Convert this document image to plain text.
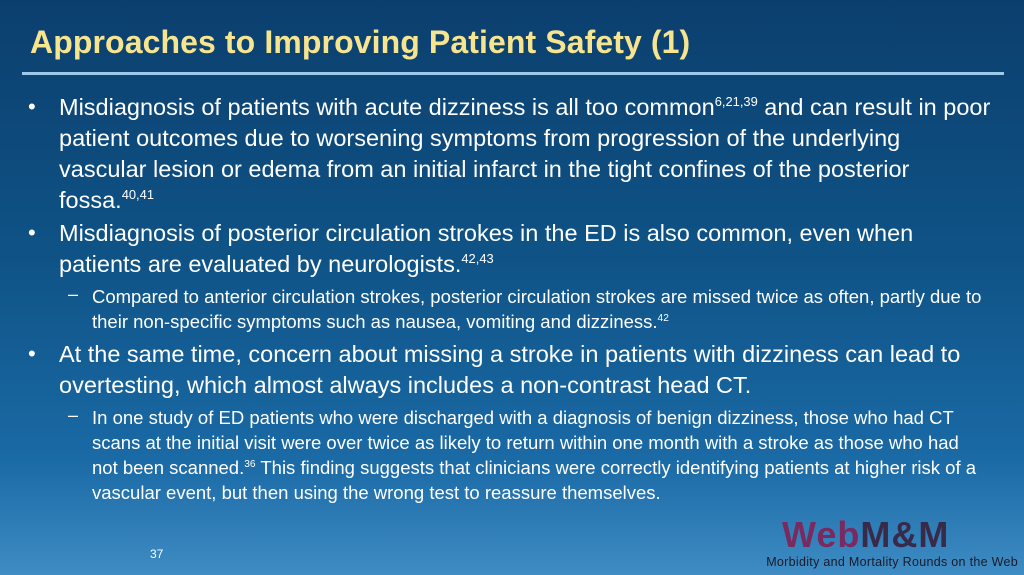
Approaches to Improving Patient Safety (1)
• Misdiagnosis of patients with acute dizziness is all too common$^{6,21,39}$ and can result in poor patient outcomes due to worsening symptoms from progression of the underlying vascular lesion or edema from an initial infarct in the tight confines of the posterior fossa.$^{40,41}$
• Misdiagnosis of posterior circulation strokes in the ED is also common, even when patients are evaluated by neurologists.$^{42,43}$
– Compared to anterior circulation strokes, posterior circulation strokes are missed twice as often, partly due to their non-specific symptoms such as nausea, vomiting and dizziness.$^{42}$
• At the same time, concern about missing a stroke in patients with dizziness can lead to overtesting, which almost always includes a non-contrast head CT.
– In one study of ED patients who were discharged with a diagnosis of benign dizziness, those who had CT scans at the initial visit were over twice as likely to return within one month with a stroke as those who had not been scanned.$^{36}$ This finding suggests that clinicians were correctly identifying patients at higher risk of a vascular event, but then using the wrong test to reassure themselves.
37	WebM&M
Morbidity and Mortality Rounds on the Web
